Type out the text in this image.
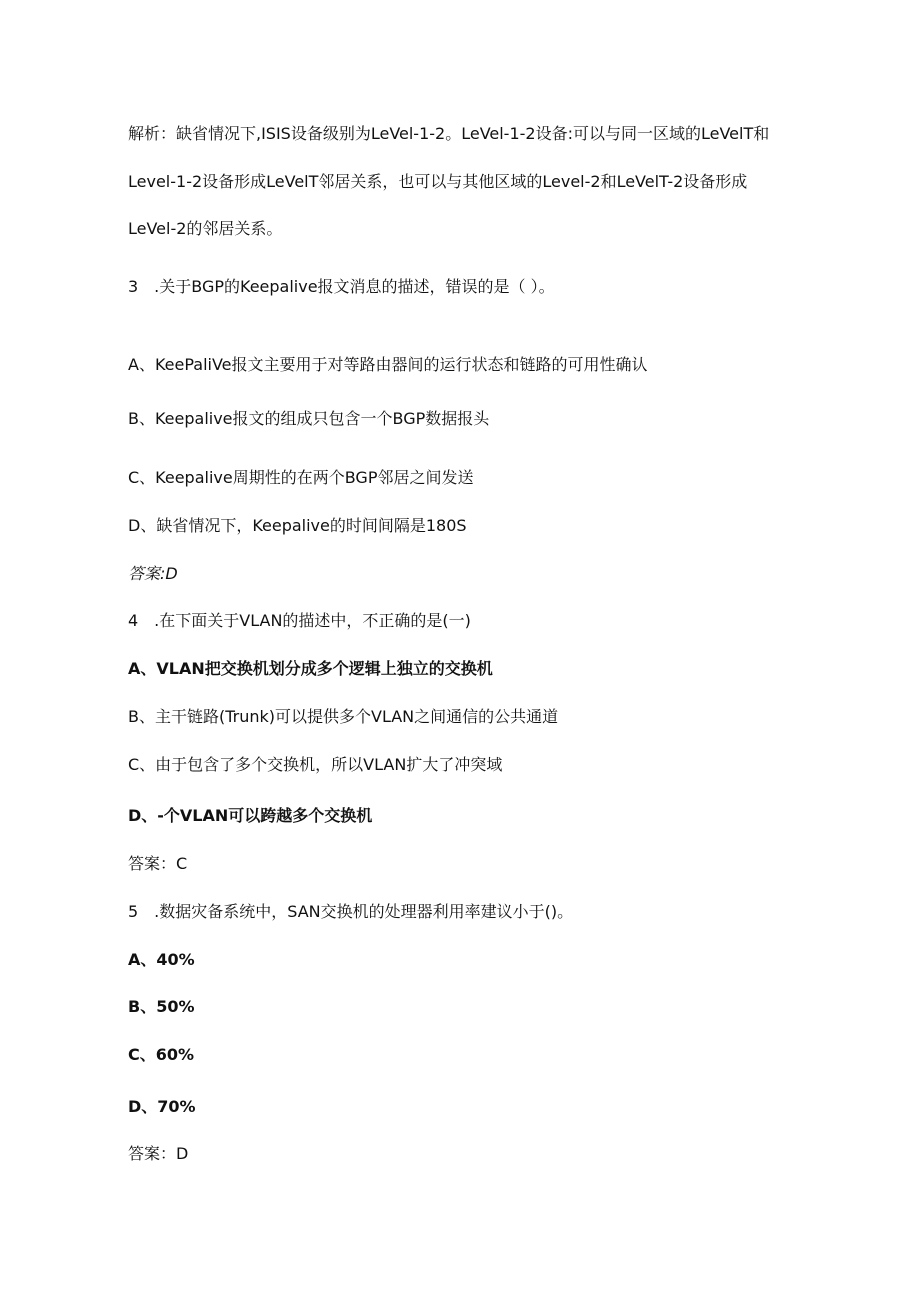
解析：缺省情况下,ISIS设备级别为LeVel-1-2。LeVel-1-2设备:可以与同一区域的LeVelT和
Level-1-2设备形成LeVelT邻居关系，也可以与其他区域的Level-2和LeVelT-2设备形成
LeVel-2的邻居关系。
3　.关于BGP的Keepalive报文消息的描述，错误的是（ ）。
A、KeePaliVe报文主要用于对等路由器间的运行状态和链路的可用性确认
B、Keepalive报文的组成只包含一个BGP数据报头
C、Keepalive周期性的在两个BGP邻居之间发送
D、缺省情况下，Keepalive的时间间隔是180S
答案:D
4　.在下面关于VLAN的描述中，不正确的是(一)
A、VLAN把交换机划分成多个逻辑上独立的交换机
B、主干链路(Trunk)可以提供多个VLAN之间通信的公共通道
C、由于包含了多个交换机，所以VLAN扩大了冲突域
D、-个VLAN可以跨越多个交换机
答案：C
5　.数据灾备系统中，SAN交换机的处理器利用率建议小于()。
A、40%
B、50%
C、60%
D、70%
答案：D
